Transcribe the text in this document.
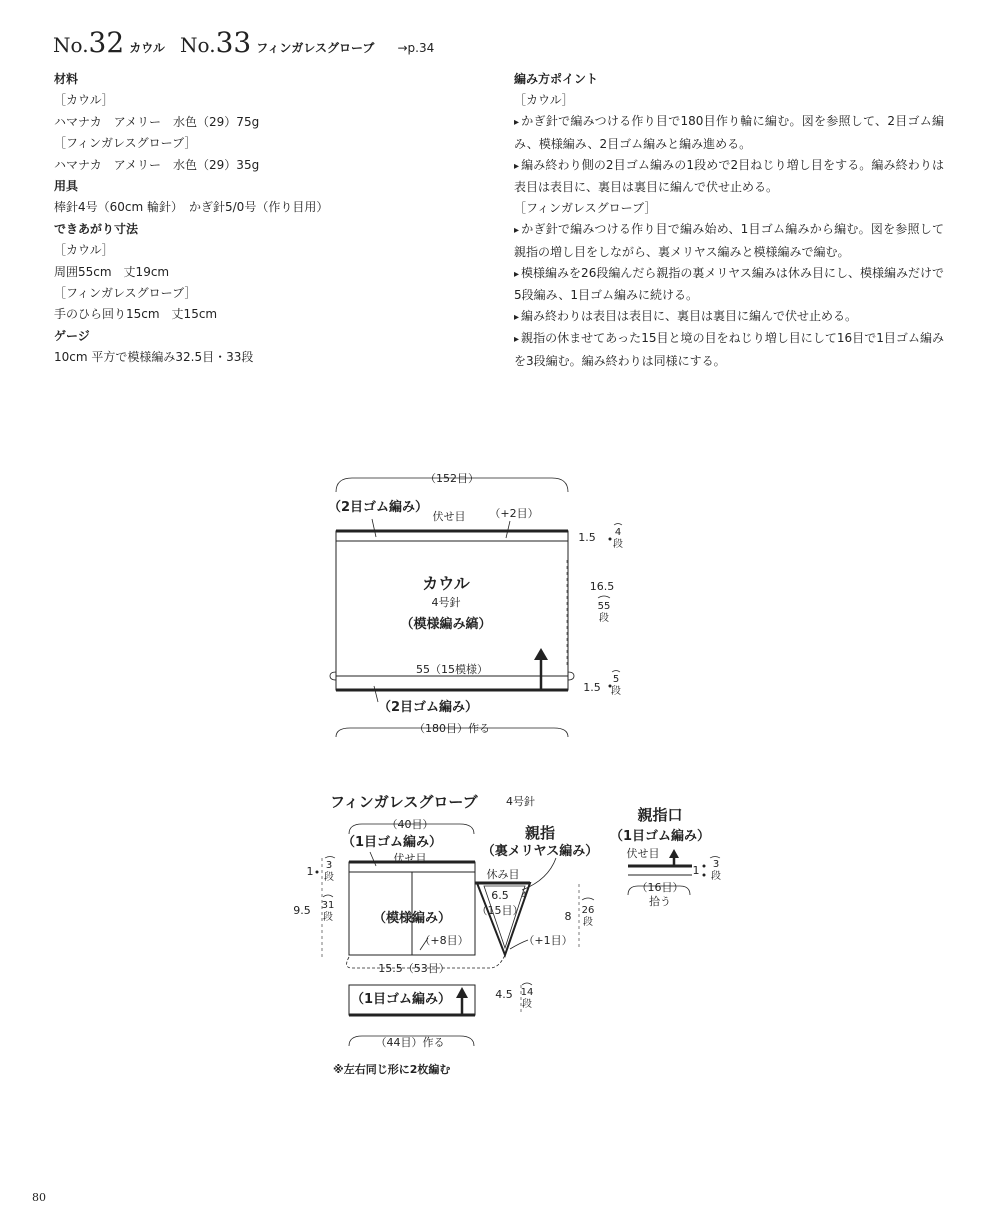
No.32 カウル No.33 フィンガレスグローブ →p.34
材料
［カウル］
ハマナカ　アメリー　水色（29）75g
［フィンガレスグローブ］
ハマナカ　アメリー　水色（29）35g
用具
棒針4号（60cm 輪針）　かぎ針5/0号（作り目用）
できあがり寸法
［カウル］
周囲55cm　丈19cm
［フィンガレスグローブ］
手のひら回り15cm　丈15cm
ゲージ
10cm 平方で模様編み32.5目・33段
編み方ポイント
［カウル］
▸ かぎ針で編みつける作り目で180目作り輪に編む。図を参照して、2目ゴム編み、模様編み、2目ゴム編みと編み進める。
▸ 編み終わり側の2目ゴム編みの1段めで2目ねじり増し目をする。編み終わりは表目は表目に、裏目は裏目に編んで伏せ止める。
［フィンガレスグローブ］
▸ かぎ針で編みつける作り目で編み始め、1目ゴム編みから編む。図を参照して親指の増し目をしながら、裏メリヤス編みと模様編みで編む。
▸ 模様編みを26段編んだら親指の裏メリヤス編みは休み目にし、模様編みだけで5段編み、1目ゴム編みに続ける。
▸ 編み終わりは表目は表目に、裏目は裏目に編んで伏せ止める。
▸ 親指の休ませてあった15目と境の目をねじり増し目にして16目で1目ゴム編みを3段編む。編み終わりは同様にする。
（152目）
（2目ゴム編み）
伏せ目 （+2目）
カウル
4号針
（模様編み縞）
55（15模様）
（2目ゴム編み）
（180目）作る
1.5 4
段
16.5
55
段
1.5
5
段
フィンガレスグローブ	4号針
（40目）
（1目ゴム編み）
伏せ目
（模様編み）
（+8目）
15.5（53目）
（1目ゴム編み）
（44目）作る
1 3
段
9.5 31
段
4.5 14
段
親指
（裏メリヤス編み）
休み目
6.5 4
（15目）
（+1目）
8 26
段
親指口
（1目ゴム編み）
伏せ目
1 3
段
（16目）
拾う
※左右同じ形に2枚編む
80
